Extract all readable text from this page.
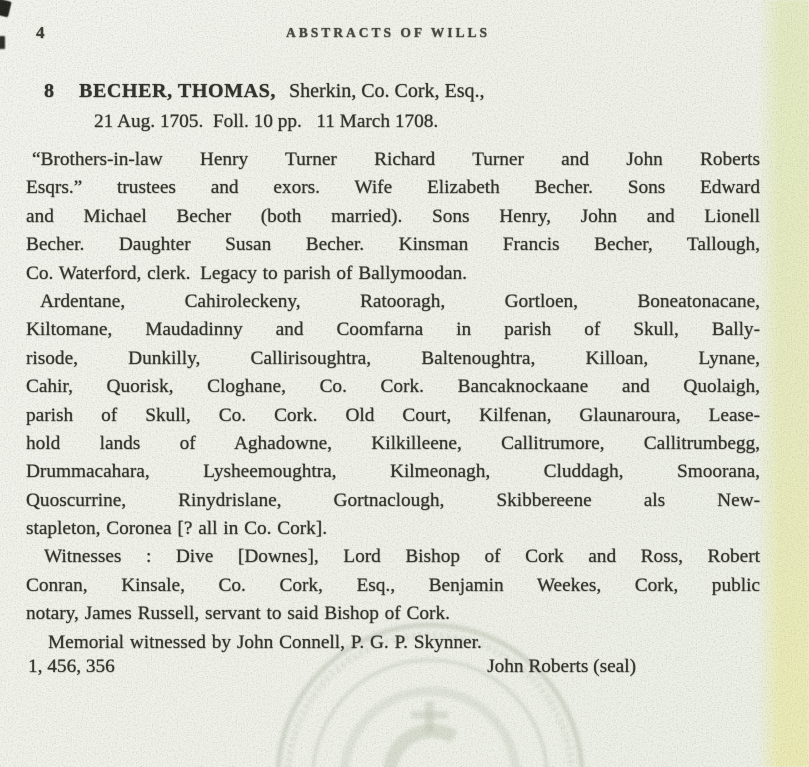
4	ABSTRACTS OF WILLS
8 BECHER, THOMAS, Sherkin, Co. Cork, Esq.,
21 Aug. 1705. Foll. 10 pp.  11 March 1708.
“Brothers-in-law Henry Turner Richard Turner and John Roberts
Esqrs.” trustees and exors. Wife Elizabeth Becher. Sons Edward
and Michael Becher (both married). Sons Henry, John and Lionell
Becher. Daughter Susan Becher. Kinsman Francis Becher, Tallough,
Co. Waterford, clerk. Legacy to parish of Ballymoodan.
Ardentane, Cahiroleckeny, Ratooragh, Gortloen, Boneatonacane,
Kiltomane, Maudadinny and Coomfarna in parish of Skull, Bally-
risode, Dunkilly, Callirisoughtra, Baltenoughtra, Killoan, Lynane,
Cahir, Quorisk, Cloghane, Co. Cork. Bancaknockaane and Quolaigh,
parish of Skull, Co. Cork. Old Court, Kilfenan, Glaunaroura, Lease-
hold lands of Aghadowne, Kilkilleene, Callitrumore, Callitrumbegg,
Drummacahara, Lysheemoughtra, Kilmeonagh, Cluddagh, Smoorana,
Quoscurrine, Rinydrislane, Gortnaclough, Skibbereene als New-
stapleton, Coronea [? all in Co. Cork].
Witnesses : Dive [Downes], Lord Bishop of Cork and Ross, Robert
Conran, Kinsale, Co. Cork, Esq., Benjamin Weekes, Cork, public
notary, James Russell, servant to said Bishop of Cork.
Memorial witnessed by John Connell, P. G. P. Skynner.
1, 456, 356	John Roberts (seal)
